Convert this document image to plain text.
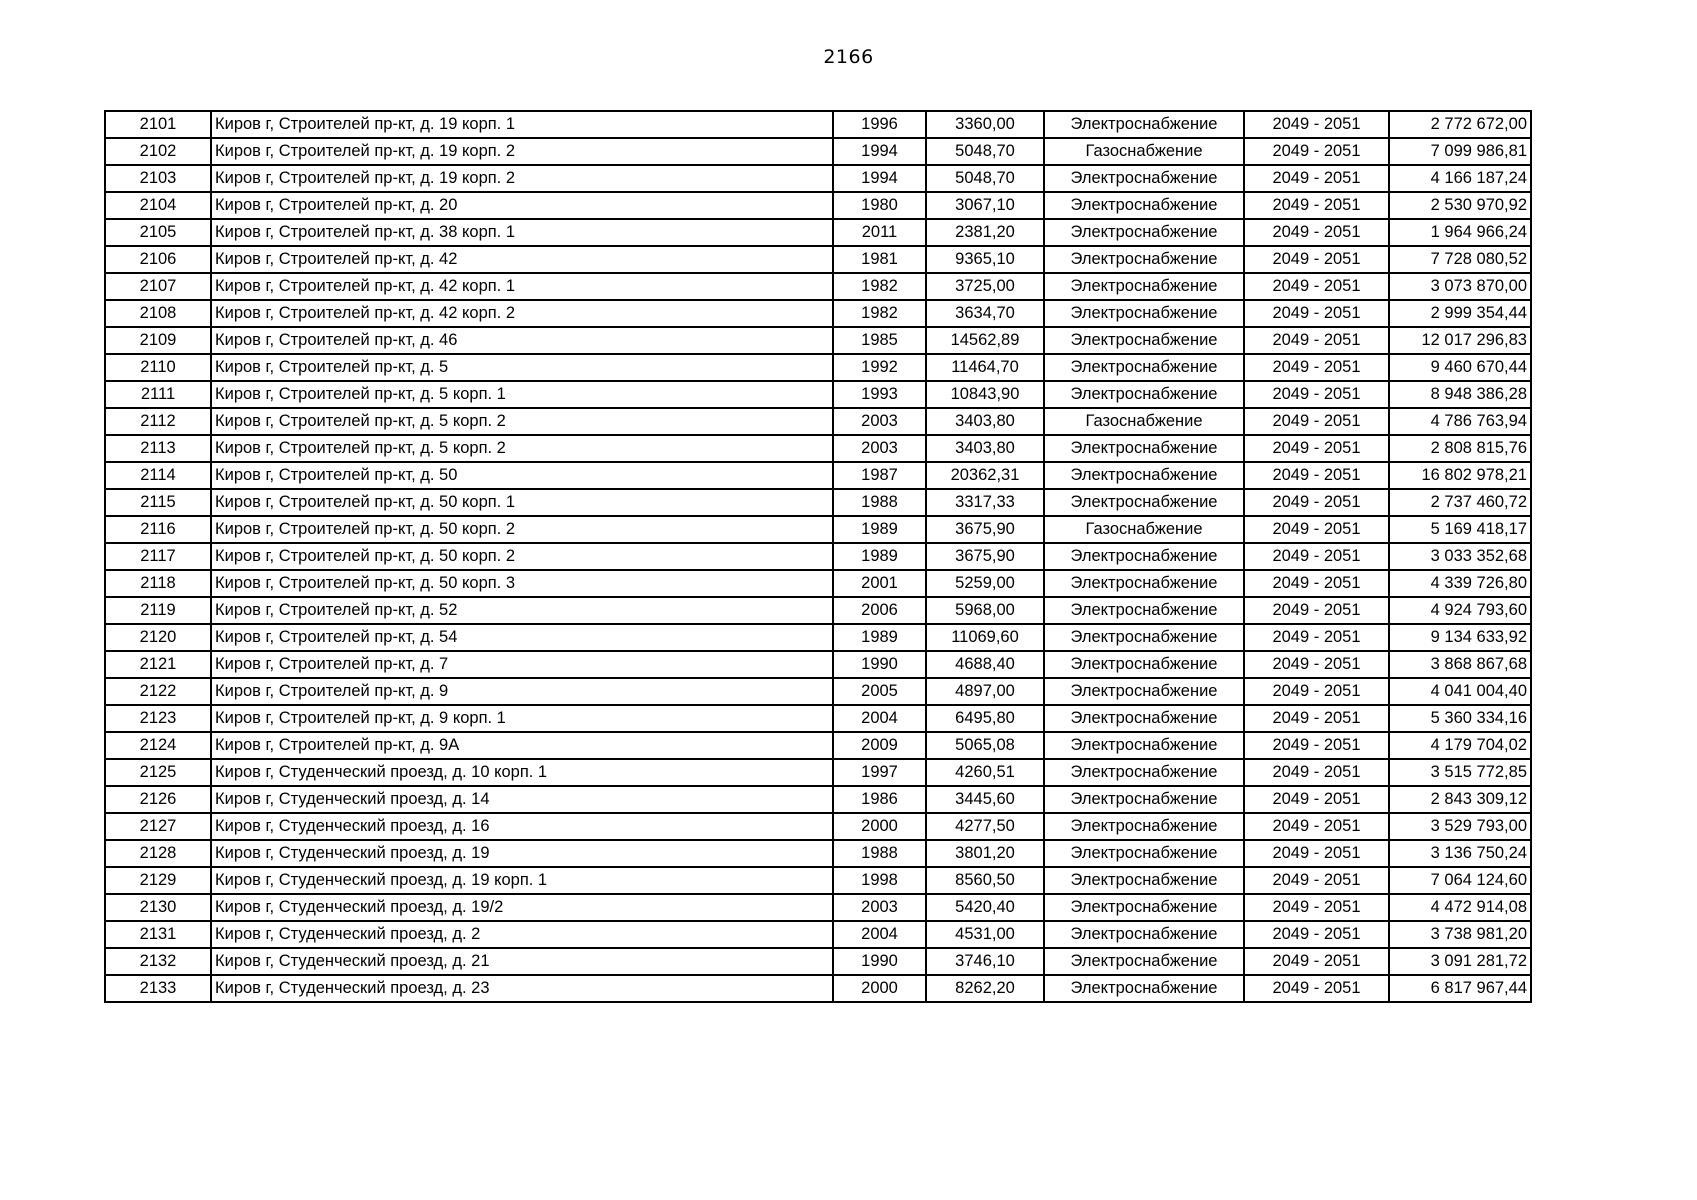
2166
2101	Киров г, Строителей пр-кт, д. 19 корп. 1	1996	3360,00	Электроснабжение	2049 - 2051	2 772 672,00
2102	Киров г, Строителей пр-кт, д. 19 корп. 2	1994	5048,70	Газоснабжение	2049 - 2051	7 099 986,81
2103	Киров г, Строителей пр-кт, д. 19 корп. 2	1994	5048,70	Электроснабжение	2049 - 2051	4 166 187,24
2104	Киров г, Строителей пр-кт, д. 20	1980	3067,10	Электроснабжение	2049 - 2051	2 530 970,92
2105	Киров г, Строителей пр-кт, д. 38 корп. 1	2011	2381,20	Электроснабжение	2049 - 2051	1 964 966,24
2106	Киров г, Строителей пр-кт, д. 42	1981	9365,10	Электроснабжение	2049 - 2051	7 728 080,52
2107	Киров г, Строителей пр-кт, д. 42 корп. 1	1982	3725,00	Электроснабжение	2049 - 2051	3 073 870,00
2108	Киров г, Строителей пр-кт, д. 42 корп. 2	1982	3634,70	Электроснабжение	2049 - 2051	2 999 354,44
2109	Киров г, Строителей пр-кт, д. 46	1985	14562,89	Электроснабжение	2049 - 2051	12 017 296,83
2110	Киров г, Строителей пр-кт, д. 5	1992	11464,70	Электроснабжение	2049 - 2051	9 460 670,44
2111	Киров г, Строителей пр-кт, д. 5 корп. 1	1993	10843,90	Электроснабжение	2049 - 2051	8 948 386,28
2112	Киров г, Строителей пр-кт, д. 5 корп. 2	2003	3403,80	Газоснабжение	2049 - 2051	4 786 763,94
2113	Киров г, Строителей пр-кт, д. 5 корп. 2	2003	3403,80	Электроснабжение	2049 - 2051	2 808 815,76
2114	Киров г, Строителей пр-кт, д. 50	1987	20362,31	Электроснабжение	2049 - 2051	16 802 978,21
2115	Киров г, Строителей пр-кт, д. 50 корп. 1	1988	3317,33	Электроснабжение	2049 - 2051	2 737 460,72
2116	Киров г, Строителей пр-кт, д. 50 корп. 2	1989	3675,90	Газоснабжение	2049 - 2051	5 169 418,17
2117	Киров г, Строителей пр-кт, д. 50 корп. 2	1989	3675,90	Электроснабжение	2049 - 2051	3 033 352,68
2118	Киров г, Строителей пр-кт, д. 50 корп. 3	2001	5259,00	Электроснабжение	2049 - 2051	4 339 726,80
2119	Киров г, Строителей пр-кт, д. 52	2006	5968,00	Электроснабжение	2049 - 2051	4 924 793,60
2120	Киров г, Строителей пр-кт, д. 54	1989	11069,60	Электроснабжение	2049 - 2051	9 134 633,92
2121	Киров г, Строителей пр-кт, д. 7	1990	4688,40	Электроснабжение	2049 - 2051	3 868 867,68
2122	Киров г, Строителей пр-кт, д. 9	2005	4897,00	Электроснабжение	2049 - 2051	4 041 004,40
2123	Киров г, Строителей пр-кт, д. 9 корп. 1	2004	6495,80	Электроснабжение	2049 - 2051	5 360 334,16
2124	Киров г, Строителей пр-кт, д. 9А	2009	5065,08	Электроснабжение	2049 - 2051	4 179 704,02
2125	Киров г, Студенческий проезд, д. 10 корп. 1	1997	4260,51	Электроснабжение	2049 - 2051	3 515 772,85
2126	Киров г, Студенческий проезд, д. 14	1986	3445,60	Электроснабжение	2049 - 2051	2 843 309,12
2127	Киров г, Студенческий проезд, д. 16	2000	4277,50	Электроснабжение	2049 - 2051	3 529 793,00
2128	Киров г, Студенческий проезд, д. 19	1988	3801,20	Электроснабжение	2049 - 2051	3 136 750,24
2129	Киров г, Студенческий проезд, д. 19 корп. 1	1998	8560,50	Электроснабжение	2049 - 2051	7 064 124,60
2130	Киров г, Студенческий проезд, д. 19/2	2003	5420,40	Электроснабжение	2049 - 2051	4 472 914,08
2131	Киров г, Студенческий проезд, д. 2	2004	4531,00	Электроснабжение	2049 - 2051	3 738 981,20
2132	Киров г, Студенческий проезд, д. 21	1990	3746,10	Электроснабжение	2049 - 2051	3 091 281,72
2133	Киров г, Студенческий проезд, д. 23	2000	8262,20	Электроснабжение	2049 - 2051	6 817 967,44
